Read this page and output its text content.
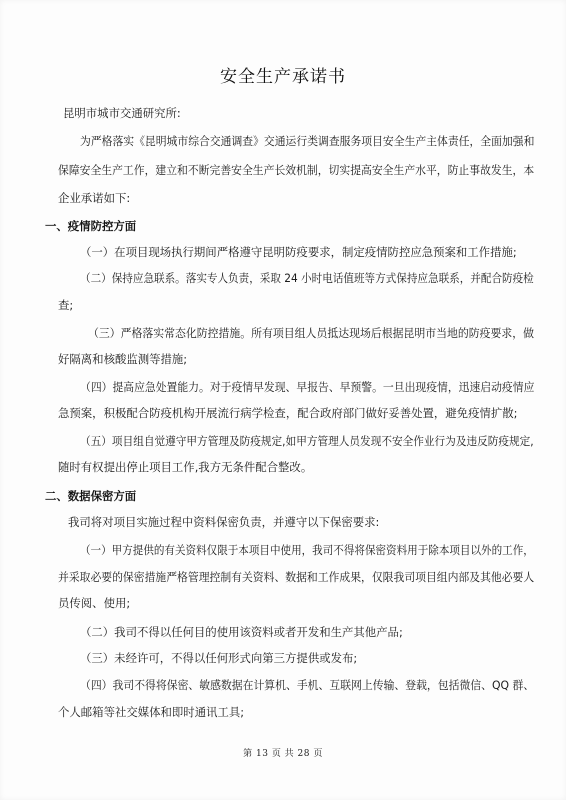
安全生产承诺书
昆明市城市交通研究所:
为严格落实《昆明城市综合交通调查》交通运行类调查服务项目安全生产主体责任，全面加强和
保障安全生产工作，建立和不断完善安全生产长效机制，切实提高安全生产水平，防止事故发生，本
企业承诺如下:
一、疫情防控方面
（一）在项目现场执行期间严格遵守昆明防疫要求，制定疫情防控应急预案和工作措施;
（二）保持应急联系。落实专人负责，采取 24 小时电话值班等方式保持应急联系，并配合防疫检
查;
（三）严格落实常态化防控措施。所有项目组人员抵达现场后根据昆明市当地的防疫要求，做
好隔离和核酸监测等措施;
（四）提高应急处置能力。对于疫情早发现、早报告、早预警。一旦出现疫情，迅速启动疫情应
急预案，积极配合防疫机构开展流行病学检查，配合政府部门做好妥善处置，避免疫情扩散;
（五）项目组自觉遵守甲方管理及防疫规定,如甲方管理人员发现不安全作业行为及违反防疫规定,
随时有权提出停止项目工作,我方无条件配合整改。
二、数据保密方面
我司将对项目实施过程中资料保密负责，并遵守以下保密要求:
（一）甲方提供的有关资料仅限于本项目中使用，我司不得将保密资料用于除本项目以外的工作，
并采取必要的保密措施严格管理控制有关资料、数据和工作成果，仅限我司项目组内部及其他必要人
员传阅、使用;
（二）我司不得以任何目的使用该资料或者开发和生产其他产品;
（三）未经许可，不得以任何形式向第三方提供或发布;
（四）我司不得将保密、敏感数据在计算机、手机、互联网上传输、登载，包括微信、QQ 群、
个人邮箱等社交媒体和即时通讯工具;
第 13 页 共 28 页
